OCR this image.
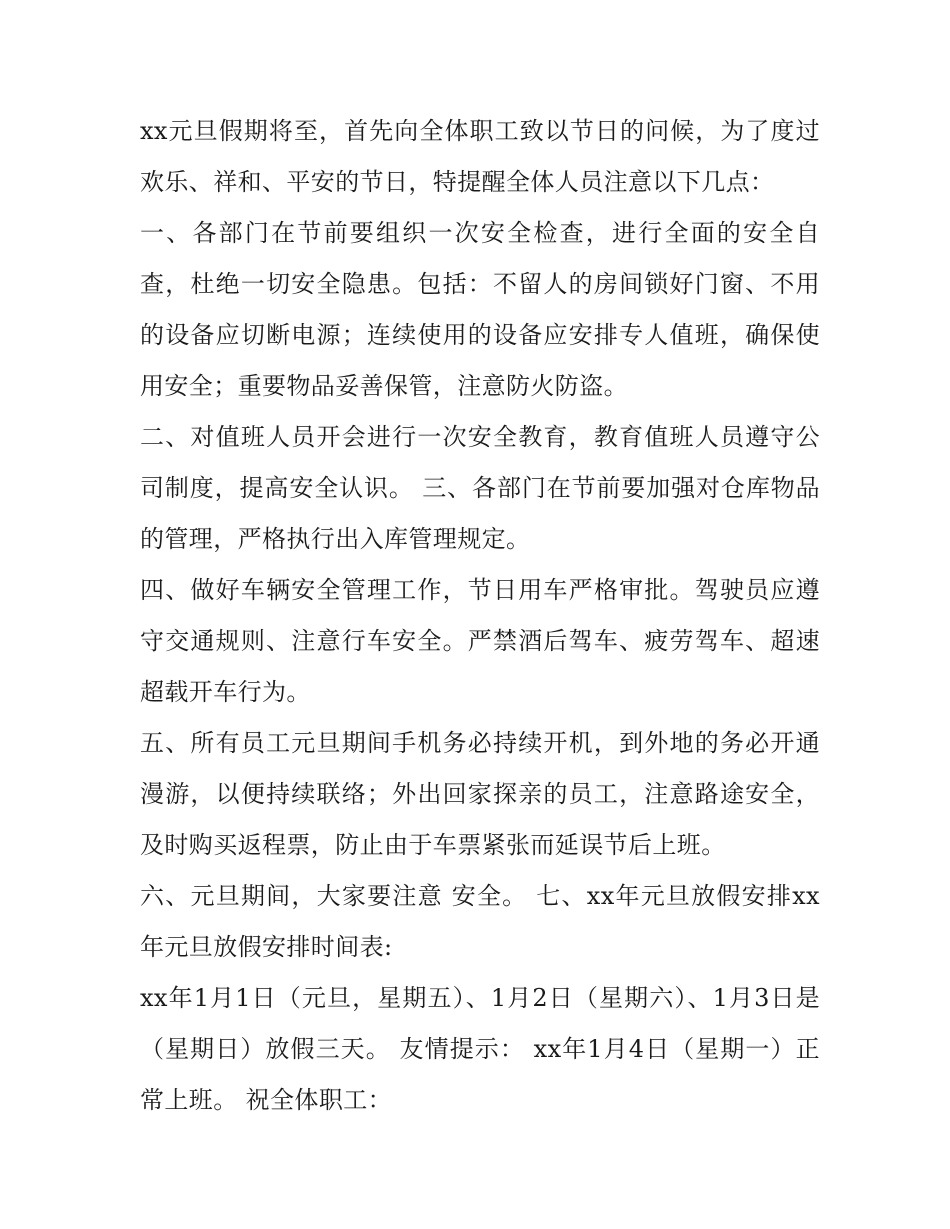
xx元旦假期将至，首先向全体职工致以节日的问候，为了度过欢乐、祥和、平安的节日，特提醒全体人员注意以下几点：

一、各部门在节前要组织一次安全检查，进行全面的安全自查，杜绝一切安全隐患。包括：不留人的房间锁好门窗、不用的设备应切断电源；连续使用的设备应安排专人值班，确保使用安全；重要物品妥善保管，注意防火防盗。

二、对值班人员开会进行一次安全教育，教育值班人员遵守公司制度，提高安全认识。 三、各部门在节前要加强对仓库物品的管理，严格执行出入库管理规定。

四、做好车辆安全管理工作，节日用车严格审批。驾驶员应遵守交通规则、注意行车安全。严禁酒后驾车、疲劳驾车、超速超载开车行为。

五、所有员工元旦期间手机务必持续开机，到外地的务必开通漫游，以便持续联络；外出回家探亲的员工，注意路途安全，及时购买返程票，防止由于车票紧张而延误节后上班。

六、元旦期间，大家要注意 安全。 七、xx年元旦放假安排xx年元旦放假安排时间表:

xx年1月1日（元旦，星期五）、1月2日（星期六）、1月3日是（星期日）放假三天。 友情提示： xx年1月4日（星期一）正常上班。 祝全体职工：
